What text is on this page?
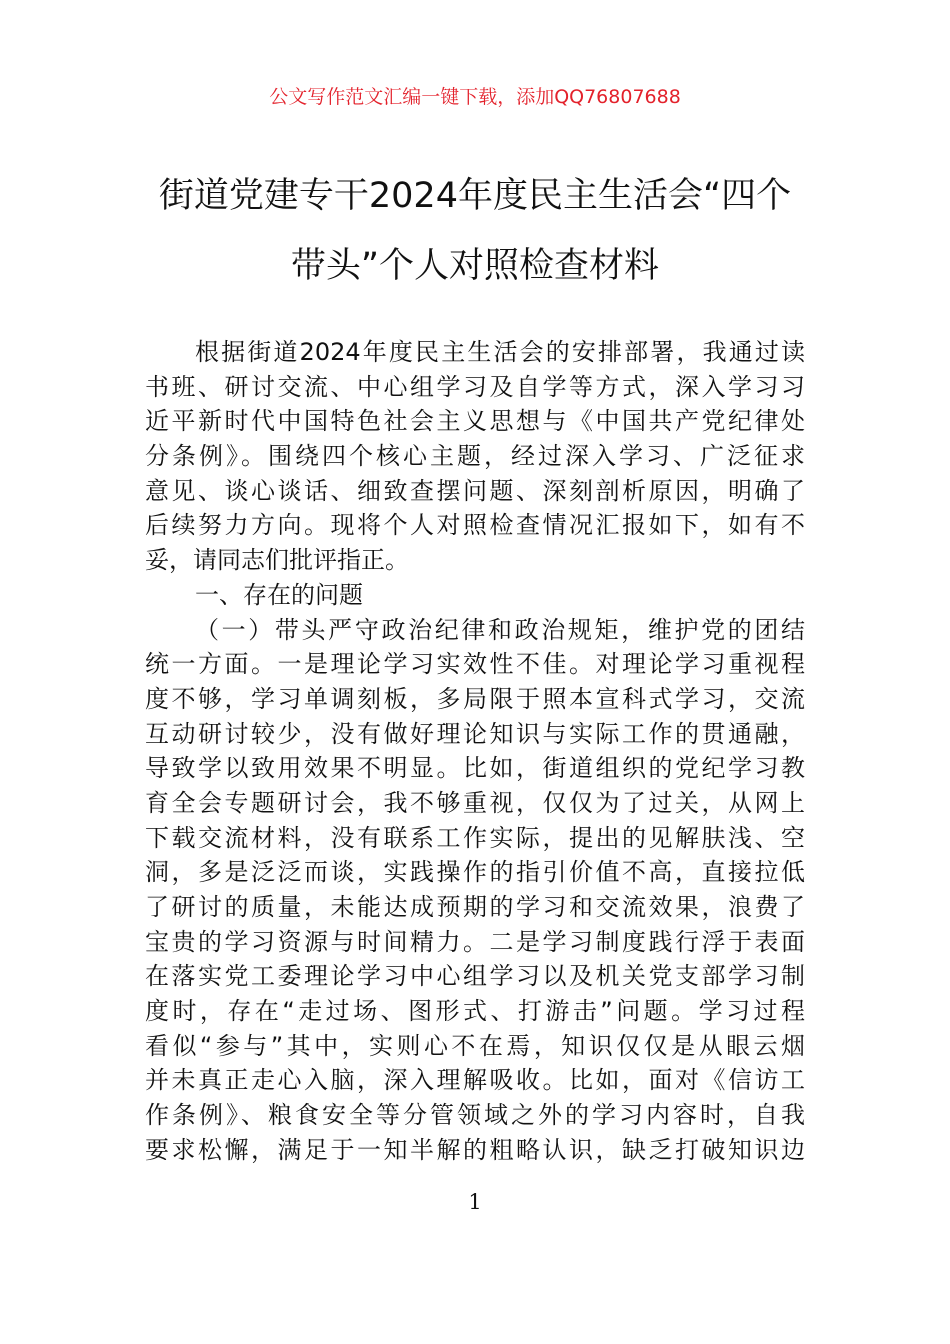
公文写作范文汇编一键下载，添加QQ76807688
街道党建专干2024年度民主生活会“四个
带头”个人对照检查材料
根据街道2024年度民主生活会的安排部署，我通过读
书班、研讨交流、中心组学习及自学等方式，深入学习习
近平新时代中国特色社会主义思想与《中国共产党纪律处
分条例》。围绕四个核心主题，经过深入学习、广泛征求
意见、谈心谈话、细致查摆问题、深刻剖析原因，明确了
后续努力方向。现将个人对照检查情况汇报如下，如有不
妥，请同志们批评指正。
一、存在的问题
（一）带头严守政治纪律和政治规矩，维护党的团结
统一方面。一是理论学习实效性不佳。对理论学习重视程
度不够，学习单调刻板，多局限于照本宣科式学习，交流
互动研讨较少，没有做好理论知识与实际工作的贯通融，
导致学以致用效果不明显。比如，街道组织的党纪学习教
育全会专题研讨会，我不够重视，仅仅为了过关，从网上
下载交流材料，没有联系工作实际，提出的见解肤浅、空
洞，多是泛泛而谈，实践操作的指引价值不高，直接拉低
了研讨的质量，未能达成预期的学习和交流效果，浪费了
宝贵的学习资源与时间精力。二是学习制度践行浮于表面
在落实党工委理论学习中心组学习以及机关党支部学习制
度时，存在“走过场、图形式、打游击”问题。学习过程
看似“参与”其中，实则心不在焉，知识仅仅是从眼云烟
并未真正走心入脑，深入理解吸收。比如，面对《信访工
作条例》、粮食安全等分管领域之外的学习内容时，自我
要求松懈，满足于一知半解的粗略认识，缺乏打破知识边
1
